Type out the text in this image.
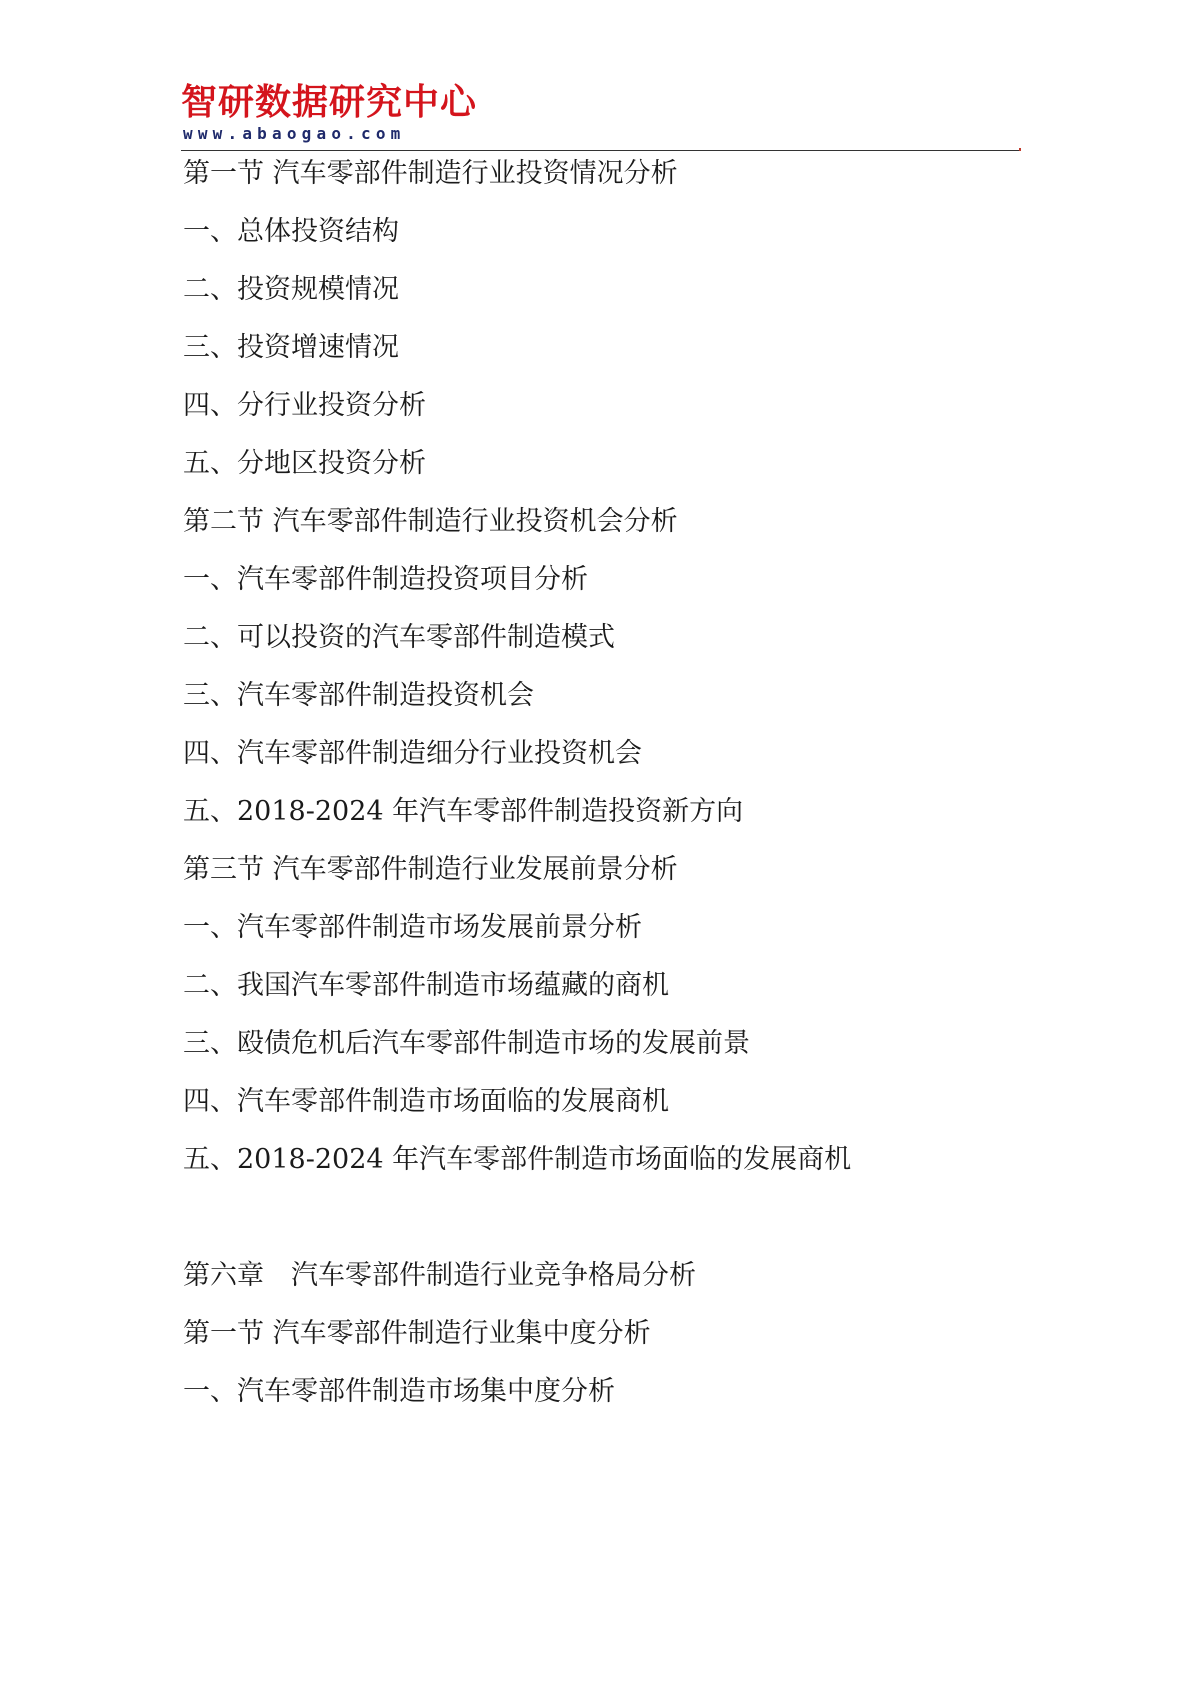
智研数据研究中心
www.abaogao.com
第一节 汽车零部件制造行业投资情况分析
一、总体投资结构
二、投资规模情况
三、投资增速情况
四、分行业投资分析
五、分地区投资分析
第二节 汽车零部件制造行业投资机会分析
一、汽车零部件制造投资项目分析
二、可以投资的汽车零部件制造模式
三、汽车零部件制造投资机会
四、汽车零部件制造细分行业投资机会
五、2018-2024 年汽车零部件制造投资新方向
第三节 汽车零部件制造行业发展前景分析
一、汽车零部件制造市场发展前景分析
二、我国汽车零部件制造市场蕴藏的商机
三、殴债危机后汽车零部件制造市场的发展前景
四、汽车零部件制造市场面临的发展商机
五、2018-2024 年汽车零部件制造市场面临的发展商机
第六章　汽车零部件制造行业竞争格局分析
第一节 汽车零部件制造行业集中度分析
一、汽车零部件制造市场集中度分析
